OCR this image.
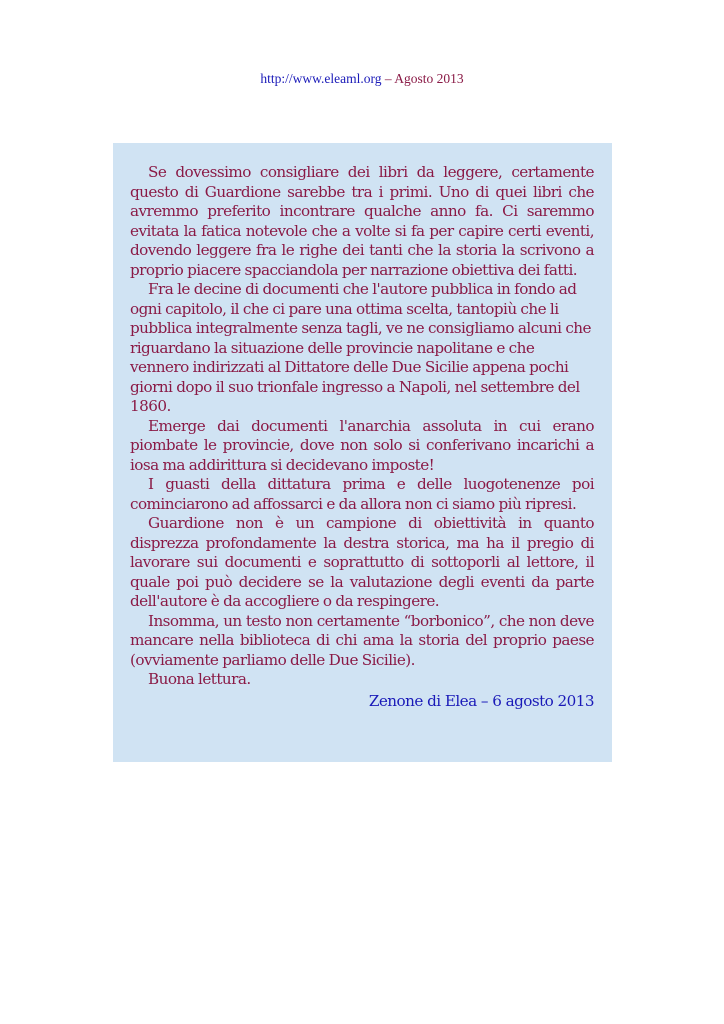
http://www.eleaml.org – Agosto 2013

Se dovessimo consigliare dei libri da leggere, certamente questo di Guardione sarebbe tra i primi. Uno di quei libri che avremmo preferito incontrare qualche anno fa. Ci saremmo evitata la fatica notevole che a volte si fa per capire certi eventi, dovendo leggere fra le righe dei tanti che la storia la scrivono a proprio piacere spacciandola per narrazione obiettiva dei fatti.

Fra le decine di documenti che l'autore pubblica in fondo ad ogni capitolo, il che ci pare una ottima scelta, tantopiù che li pubblica integralmente senza tagli, ve ne consigliamo alcuni che riguardano la situazione delle provincie napolitane e che vennero indirizzati al Dittatore delle Due Sicilie appena pochi giorni dopo il suo trionfale ingresso a Napoli, nel settembre del 1860.

Emerge dai documenti l'anarchia assoluta in cui erano piombate le provincie, dove non solo si conferivano incarichi a iosa ma addirittura si decidevano imposte!

I guasti della dittatura prima e delle luogotenenze poi cominciarono ad affossarci e da allora non ci siamo più ripresi.

Guardione non è un campione di obiettività in quanto disprezza profondamente la destra storica, ma ha il pregio di lavorare sui documenti e soprattutto di sottoporli al lettore, il quale poi può decidere se la valutazione degli eventi da parte dell'autore è da accogliere o da respingere.

Insomma, un testo non certamente “borbonico”, che non deve mancare nella biblioteca di chi ama la storia del proprio paese (ovviamente parliamo delle Due Sicilie).

Buona lettura.

Zenone di Elea – 6 agosto 2013
